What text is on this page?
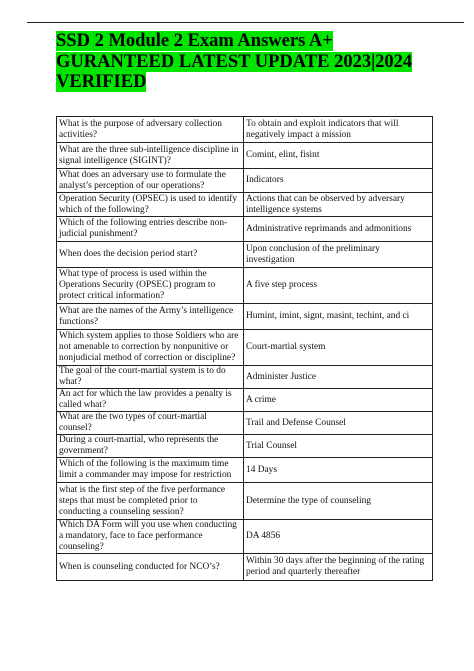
SSD 2 Module 2 Exam Answers A+ GURANTEED LATEST UPDATE 2023|2024 VERIFIED
What is the purpose of adversary collection activities?	To obtain and exploit indicators that will negatively impact a mission
What are the three sub-intelligence discipline in signal intelligence (SIGINT)?	Comint, elint, fisint
What does an adversary use to formulate the analyst’s perception of our operations?	Indicators
Operation Security (OPSEC) is used to identify which of the following?	Actions that can be observed by adversary intelligence systems
Which of the following entries describe non-judicial punishment?	Administrative reprimands and admonitions
When does the decision period start?	Upon conclusion of the preliminary investigation
What type of process is used within the Operations Security (OPSEC) program to protect critical information?	A five step process
What are the names of the Army’s intelligence functions?	Humint, imint, signt, masint, techint, and ci
Which system applies to those Soldiers who are not amenable to correction by nonpunitive or nonjudicial method of correction or discipline?	Court-martial system
The goal of the court-martial system is to do what?	Administer Justice
An act for which the law provides a penalty is called what?	A crime
What are the two types of court-martial counsel?	Trail and Defense Counsel
During a court-martial, who represents the government?	Trial Counsel
Which of the following is the maximum time limit a commander may impose for restriction	14 Days
what is the first step of the five performance steps that must be completed prior to conducting a counseling session?	Determine the type of counseling
Which DA Form will you use when conducting a mandatory, face to face performance counseling?	DA 4856
When is counseling conducted for NCO’s?	Within 30 days after the beginning of the rating period and quarterly thereafter
